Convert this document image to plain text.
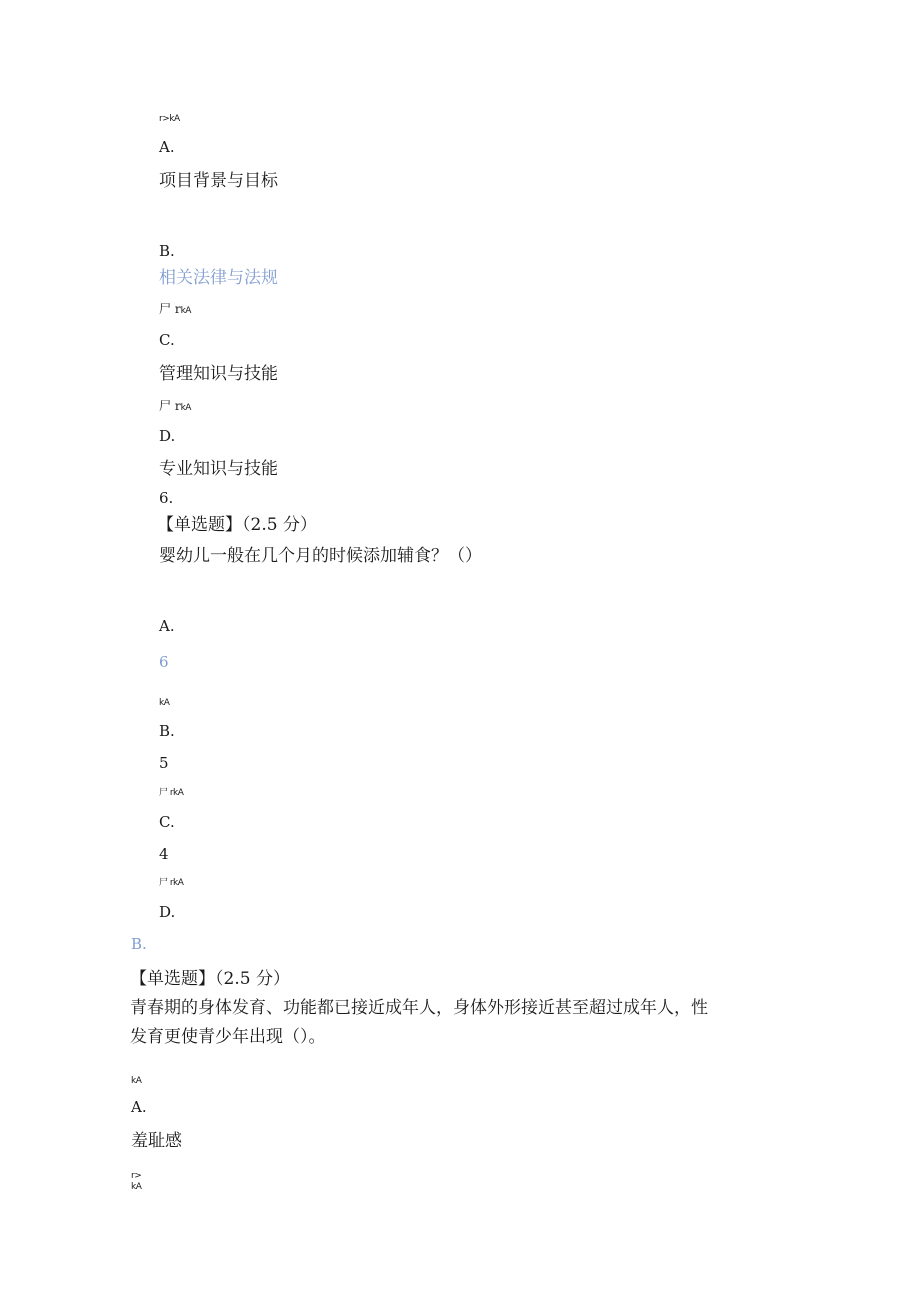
r>kA
A.
项目背景与目标
B.
相关法律与法规
尸 rkA
C.
管理知识与技能
尸 rkA
D.
专业知识与技能
6.
【单选题】（2.5 分）
婴幼儿一般在几个月的时候添加辅食？（）
A.
6
kA
B.
5
尸 rkA
C.
4
尸 rkA
D.
B.
【单选题】（2.5 分）
青春期的身体发育、功能都已接近成年人，身体外形接近甚至超过成年人，性
发育更使青少年出现（）。
kA
A.
羞耻感
r>
kA
